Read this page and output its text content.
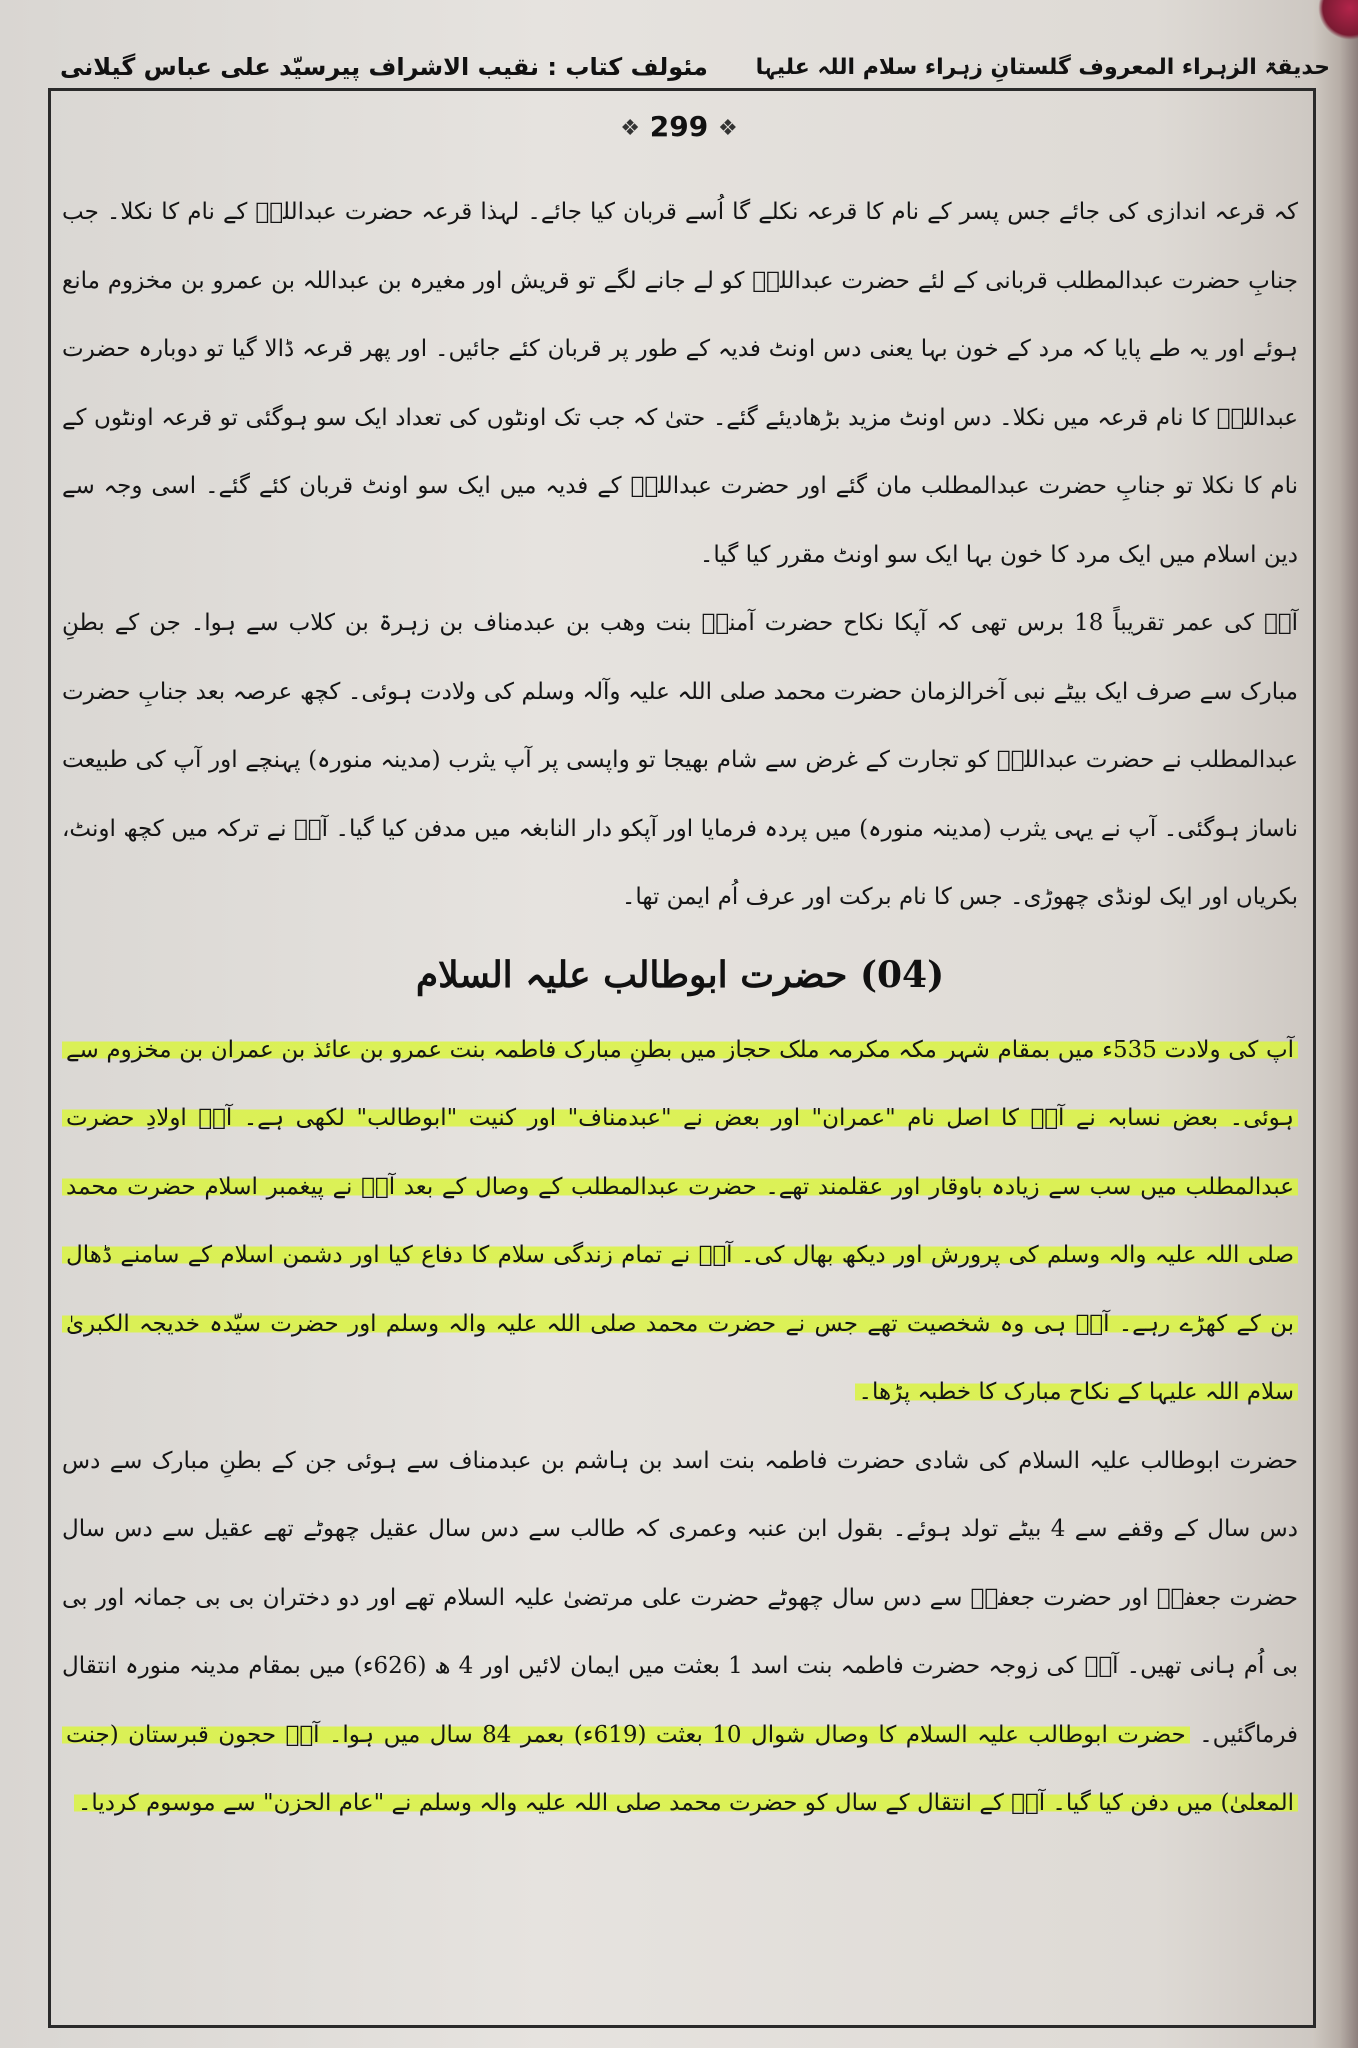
حدیقۃ الزہراء المعروف گلستانِ زہراء سلام اللہ علیہا
مئولف کتاب : نقیب الاشراف پیرسیّد علی عباس گیلانی
❖ 299 ❖

کہ قرعہ اندازی کی جائے جس پسر کے نام کا قرعہ نکلے گا اُسے قربان کیا جائے۔ لہذا قرعہ حضرت عبداللہؑ کے نام کا نکلا۔ جب جنابِ حضرت عبدالمطلب قربانی کے لئے حضرت عبداللہؑ کو لے جانے لگے تو قریش اور مغیرہ بن عبداللہ بن عمرو بن مخزوم مانع ہوئے اور یہ طے پایا کہ مرد کے خون بہا یعنی دس اونٹ فدیہ کے طور پر قربان کئے جائیں۔ اور پھر قرعہ ڈالا گیا تو دوبارہ حضرت عبداللہؑ کا نام قرعہ میں نکلا۔ دس اونٹ مزید بڑھادیئے گئے۔ حتیٰ کہ جب تک اونٹوں کی تعداد ایک سو ہوگئی تو قرعہ اونٹوں کے نام کا نکلا تو جنابِ حضرت عبدالمطلب مان گئے اور حضرت عبداللہؑ کے فدیہ میں ایک سو اونٹ قربان کئے گئے۔ اسی وجہ سے دین اسلام میں ایک مرد کا خون بہا ایک سو اونٹ مقرر کیا گیا۔

آپؑ کی عمر تقریباً 18 برس تھی کہ آپکا نکاح حضرت آمنہؑ بنت وھب بن عبدمناف بن زہرۃ بن کلاب سے ہوا۔ جن کے بطنِ مبارک سے صرف ایک بیٹے نبی آخرالزمان حضرت محمد صلی اللہ علیہ وآلہ وسلم کی ولادت ہوئی۔ کچھ عرصہ بعد جنابِ حضرت عبدالمطلب نے حضرت عبداللہؑ کو تجارت کے غرض سے شام بھیجا تو واپسی پر آپ یثرب (مدینہ منورہ) پہنچے اور آپ کی طبیعت ناساز ہوگئی۔ آپ نے یہی یثرب (مدینہ منورہ) میں پردہ فرمایا اور آپکو دار النابغہ میں مدفن کیا گیا۔ آپؑ نے ترکہ میں کچھ اونٹ، بکریاں اور ایک لونڈی چھوڑی۔ جس کا نام برکت اور عرف اُم ایمن تھا۔

(04) حضرت ابوطالب علیہ السلام

آپ کی ولادت 535ء میں بمقام شہر مکہ مکرمہ ملک حجاز میں بطنِ مبارک فاطمہ بنت عمرو بن عائذ بن عمران بن مخزوم سے ہوئی۔ بعض نسابہ نے آپؑ کا اصل نام "عمران" اور بعض نے "عبدمناف" اور کنیت "ابوطالب" لکھی ہے۔ آپؑ اولادِ حضرت عبدالمطلب میں سب سے زیادہ باوقار اور عقلمند تھے۔ حضرت عبدالمطلب کے وصال کے بعد آپؑ نے پیغمبر اسلام حضرت محمد صلی اللہ علیہ والہ وسلم کی پرورش اور دیکھ بھال کی۔ آپؑ نے تمام زندگی سلام کا دفاع کیا اور دشمن اسلام کے سامنے ڈھال بن کے کھڑے رہے۔ آپؑ ہی وہ شخصیت تھے جس نے حضرت محمد صلی اللہ علیہ والہ وسلم اور حضرت سیّدہ خدیجہ الکبریٰ سلام اللہ علیہا کے نکاح مبارک کا خطبہ پڑھا۔

حضرت ابوطالب علیہ السلام کی شادی حضرت فاطمہ بنت اسد بن ہاشم بن عبدمناف سے ہوئی جن کے بطنِ مبارک سے دس دس سال کے وقفے سے 4 بیٹے تولد ہوئے۔ بقول ابن عنبہ وعمری کہ طالب سے دس سال عقیل چھوٹے تھے عقیل سے دس سال حضرت جعفرؑ اور حضرت جعفرؑ سے دس سال چھوٹے حضرت علی مرتضیٰ علیہ السلام تھے اور دو دختران بی بی جمانہ اور بی بی اُم ہانی تھیں۔ آپؑ کی زوجہ حضرت فاطمہ بنت اسد 1 بعثت میں ایمان لائیں اور 4 ھ (626ء) میں بمقام مدینہ منورہ انتقال فرماگئیں۔ حضرت ابوطالب علیہ السلام کا وصال شوال 10 بعثت (619ء) بعمر 84 سال میں ہوا۔ آپؑ حجون قبرستان (جنت المعلیٰ) میں دفن کیا گیا۔ آپؑ کے انتقال کے سال کو حضرت محمد صلی اللہ علیہ والہ وسلم نے "عام الحزن" سے موسوم کردیا۔
